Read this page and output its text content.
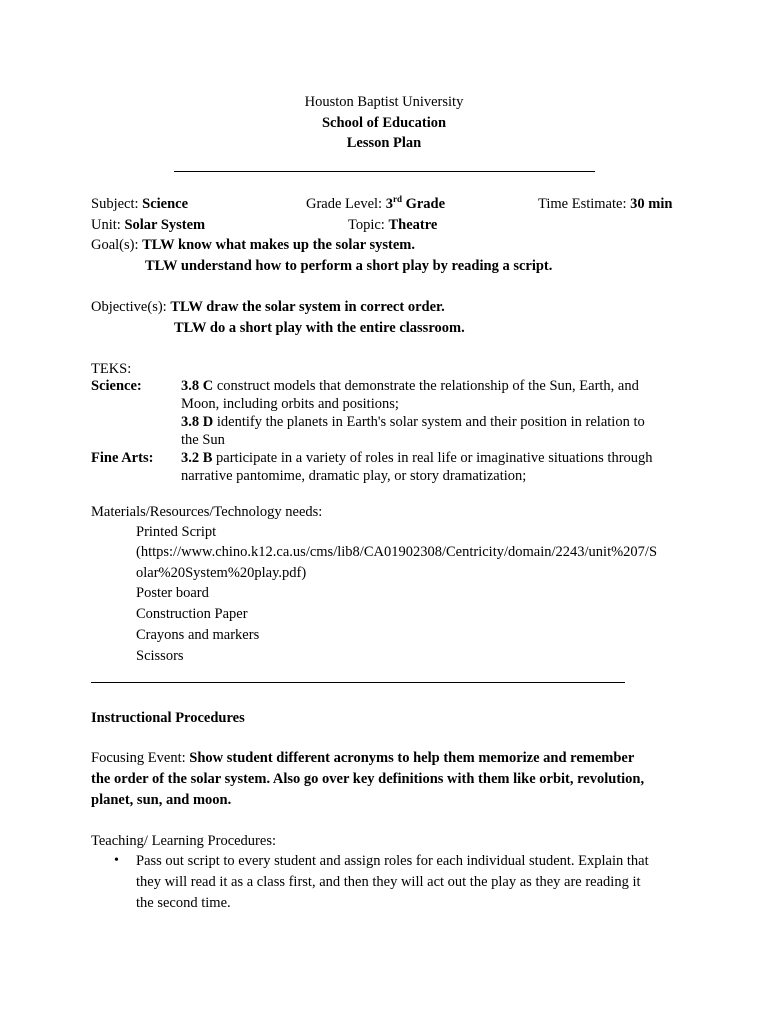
Houston Baptist University
School of Education
Lesson Plan
Subject: Science	Grade Level: 3rd Grade	Time Estimate: 30 min
Unit: Solar System	Topic: Theatre
Goal(s): TLW know what makes up the solar system.
TLW understand how to perform a short play by reading a script.
Objective(s): TLW draw the solar system in correct order.
TLW do a short play with the entire classroom.
TEKS:
Science:	3.8 C construct models that demonstrate the relationship of the Sun, Earth, and
Moon, including orbits and positions;
3.8 D identify the planets in Earth's solar system and their position in relation to
the Sun
Fine Arts: 3.2 B participate in a variety of roles in real life or imaginative situations through
narrative pantomime, dramatic play, or story dramatization;
Materials/Resources/Technology needs:
Printed Script
(https://www.chino.k12.ca.us/cms/lib8/CA01902308/Centricity/domain/2243/unit%207/S
olar%20System%20play.pdf)
Poster board
Construction Paper
Crayons and markers
Scissors
Instructional Procedures
Focusing Event: Show student different acronyms to help them memorize and remember
the order of the solar system. Also go over key definitions with them like orbit, revolution,
planet, sun, and moon.
Teaching/ Learning Procedures:
• Pass out script to every student and assign roles for each individual student. Explain that
they will read it as a class first, and then they will act out the play as they are reading it
the second time.
